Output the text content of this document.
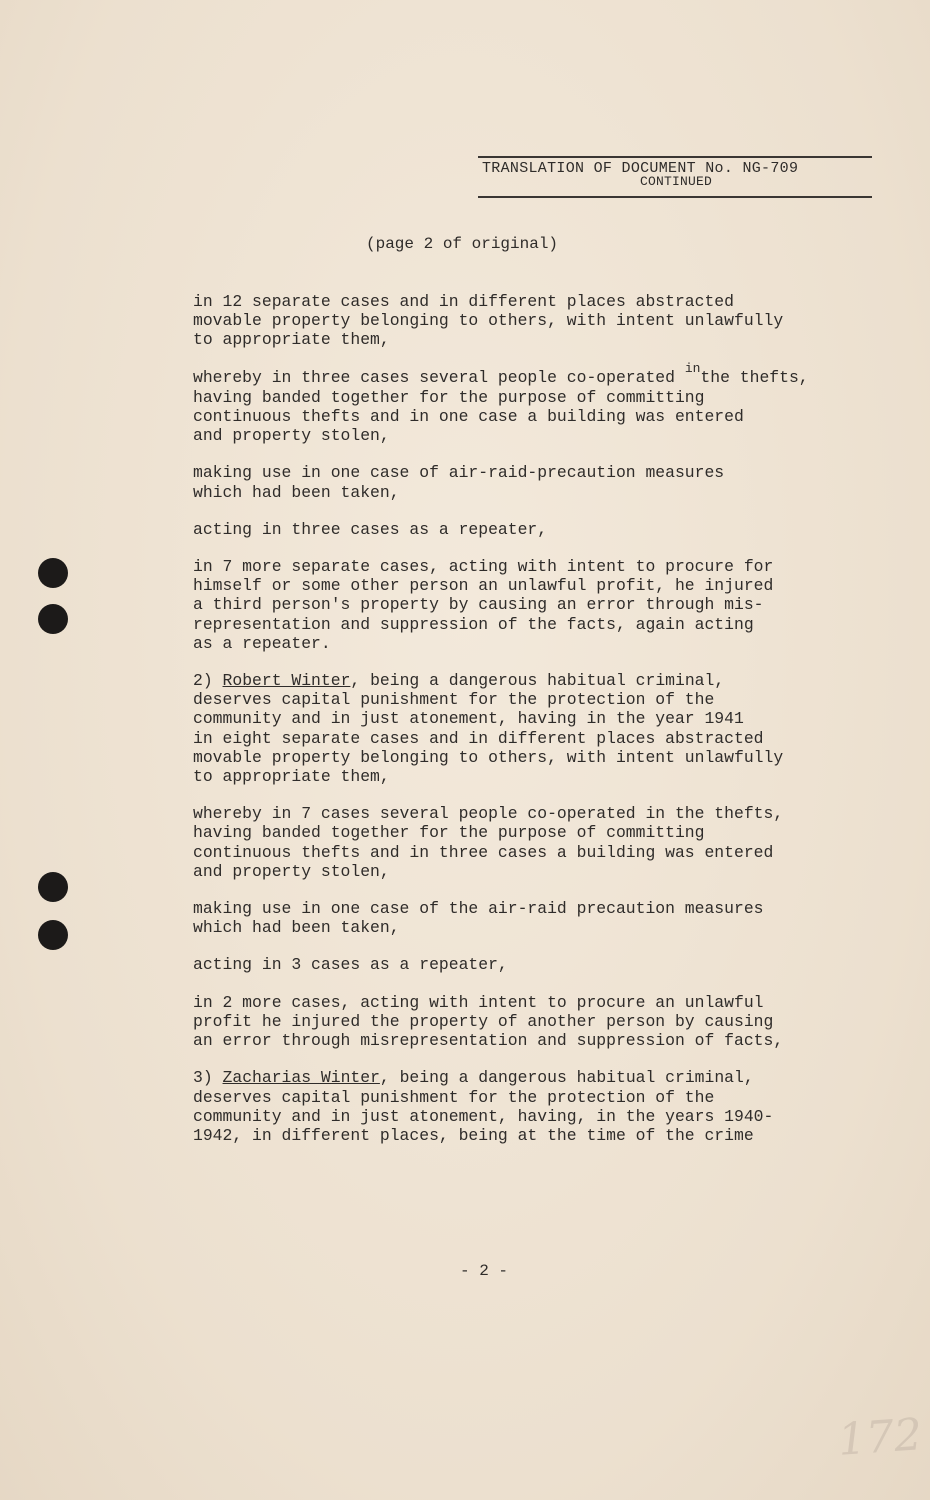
TRANSLATION OF DOCUMENT No. NG-709
CONTINUED
(page 2 of original)
in 12 separate cases and in different places abstracted
movable property belonging to others, with intent unlawfully
to appropriate them,
whereby in three cases several people co-operated $^{in}$the thefts,
having banded together for the purpose of committing
continuous thefts and in one case a building was entered
and property stolen,
making use in one case of air-raid-precaution measures
which had been taken,
acting in three cases as a repeater,
in 7 more separate cases, acting with intent to procure for
himself or some other person an unlawful profit, he injured
a third person's property by causing an error through mis-
representation and suppression of the facts, again acting
as a repeater.
2) Robert Winter, being a dangerous habitual criminal,
deserves capital punishment for the protection of the
community and in just atonement, having in the year 1941
in eight separate cases and in different places abstracted
movable property belonging to others, with intent unlawfully
to appropriate them,
whereby in 7 cases several people co-operated in the thefts,
having banded together for the purpose of committing
continuous thefts and in three cases a building was entered
and property stolen,
making use in one case of the air-raid precaution measures
which had been taken,
acting in 3 cases as a repeater,
in 2 more cases, acting with intent to procure an unlawful
profit he injured the property of another person by causing
an error through misrepresentation and suppression of facts,
3) Zacharias Winter, being a dangerous habitual criminal,
deserves capital punishment for the protection of the
community and in just atonement, having, in the years 1940-
1942, in different places, being at the time of the crime
- 2 -
172
